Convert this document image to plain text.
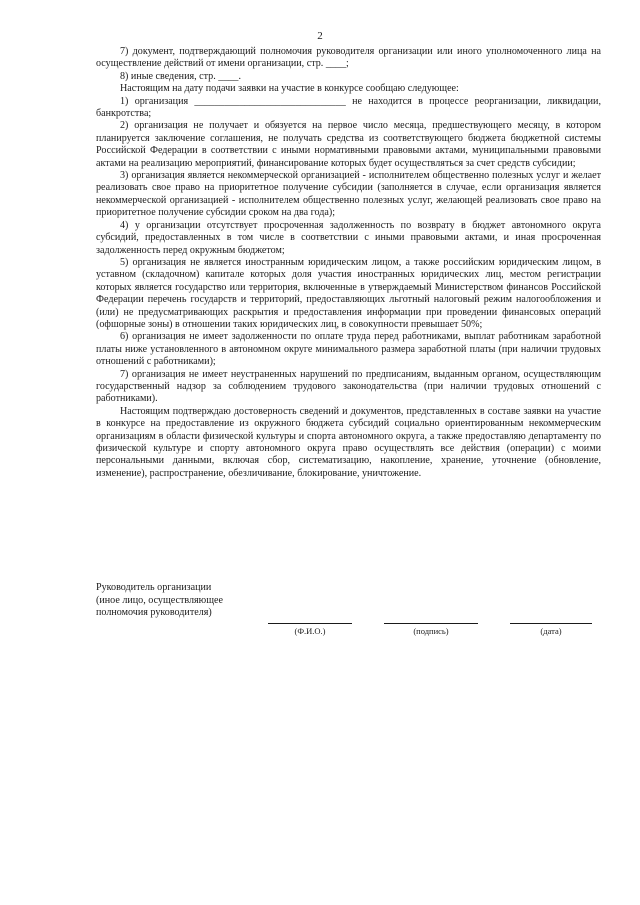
2

7) документ, подтверждающий полномочия руководителя организации или иного уполномоченного лица на осуществление действий от имени организации, стр. ____;

8) иные сведения, стр. ____.

Настоящим на дату подачи заявки на участие в конкурсе сообщаю следующее:

1) организация ______________________________ не находится в процессе реорганизации, ликвидации, банкротства;

2) организация не получает и обязуется на первое число месяца, предшествующего месяцу, в котором планируется заключение соглашения, не получать средства из соответствующего бюджета бюджетной системы Российской Федерации в соответствии с иными нормативными правовыми актами, муниципальными правовыми актами на реализацию мероприятий, финансирование которых будет осуществляться за счет средств субсидии;

3) организация является некоммерческой организацией - исполнителем общественно полезных услуг и желает реализовать свое право на приоритетное получение субсидии (заполняется в случае, если организация является некоммерческой организацией - исполнителем общественно полезных услуг, желающей реализовать свое право на приоритетное получение субсидии сроком на два года);

4) у организации отсутствует просроченная задолженность по возврату в бюджет автономного округа субсидий, предоставленных в том числе в соответствии с иными правовыми актами, и иная просроченная задолженность перед окружным бюджетом;

5) организация не является иностранным юридическим лицом, а также российским юридическим лицом, в уставном (складочном) капитале которых доля участия иностранных юридических лиц, местом регистрации которых является государство или территория, включенные в утверждаемый Министерством финансов Российской Федерации перечень государств и территорий, предоставляющих льготный налоговый режим налогообложения и (или) не предусматривающих раскрытия и предоставления информации при проведении финансовых операций (офшорные зоны) в отношении таких юридических лиц, в совокупности превышает 50%;

6) организация не имеет задолженности по оплате труда перед работниками, выплат работникам заработной платы ниже установленного в автономном округе минимального размера заработной платы (при наличии трудовых отношений с работниками);

7) организация не имеет неустраненных нарушений по предписаниям, выданным органом, осуществляющим государственный надзор за соблюдением трудового законодательства (при наличии трудовых отношений с работниками).

Настоящим подтверждаю достоверность сведений и документов, представленных в составе заявки на участие в конкурсе на предоставление из окружного бюджета субсидий социально ориентированным некоммерческим организациям в области физической культуры и спорта автономного округа, а также предоставляю департаменту по физической культуре и спорту автономного округа право осуществлять все действия (операции) с моими персональными данными, включая сбор, систематизацию, накопление, хранение, уточнение (обновление, изменение), распространение, обезличивание, блокирование, уничтожение.

Руководитель организации
(иное лицо, осуществляющее
полномочия руководителя)
(Ф.И.О.)	(подпись)	(дата)
